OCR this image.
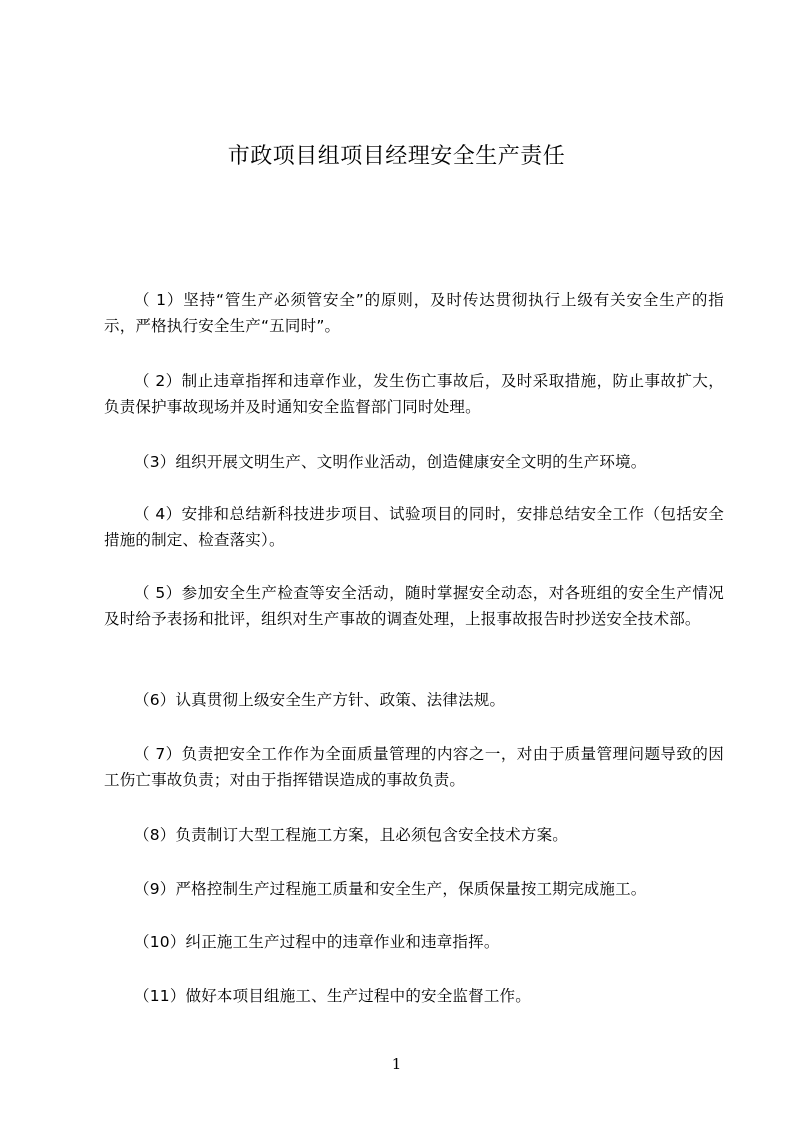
市政项目组项目经理安全生产责任

（ 1）坚持“管生产必须管安全”的原则，及时传达贯彻执行上级有关安全生产的指示，严格执行安全生产“五同时”。

（ 2）制止违章指挥和违章作业，发生伤亡事故后，及时采取措施，防止事故扩大，负责保护事故现场并及时通知安全监督部门同时处理。

（3）组织开展文明生产、文明作业活动，创造健康安全文明的生产环境。

（ 4）安排和总结新科技进步项目、试验项目的同时，安排总结安全工作（包括安全措施的制定、检查落实）。

（ 5）参加安全生产检查等安全活动，随时掌握安全动态，对各班组的安全生产情况及时给予表扬和批评，组织对生产事故的调查处理，上报事故报告时抄送安全技术部。

（6）认真贯彻上级安全生产方针、政策、法律法规。

（ 7）负责把安全工作作为全面质量管理的内容之一，对由于质量管理问题导致的因工伤亡事故负责；对由于指挥错误造成的事故负责。

（8）负责制订大型工程施工方案，且必须包含安全技术方案。

（9）严格控制生产过程施工质量和安全生产，保质保量按工期完成施工。

（10）纠正施工生产过程中的违章作业和违章指挥。

（11）做好本项目组施工、生产过程中的安全监督工作。

1
